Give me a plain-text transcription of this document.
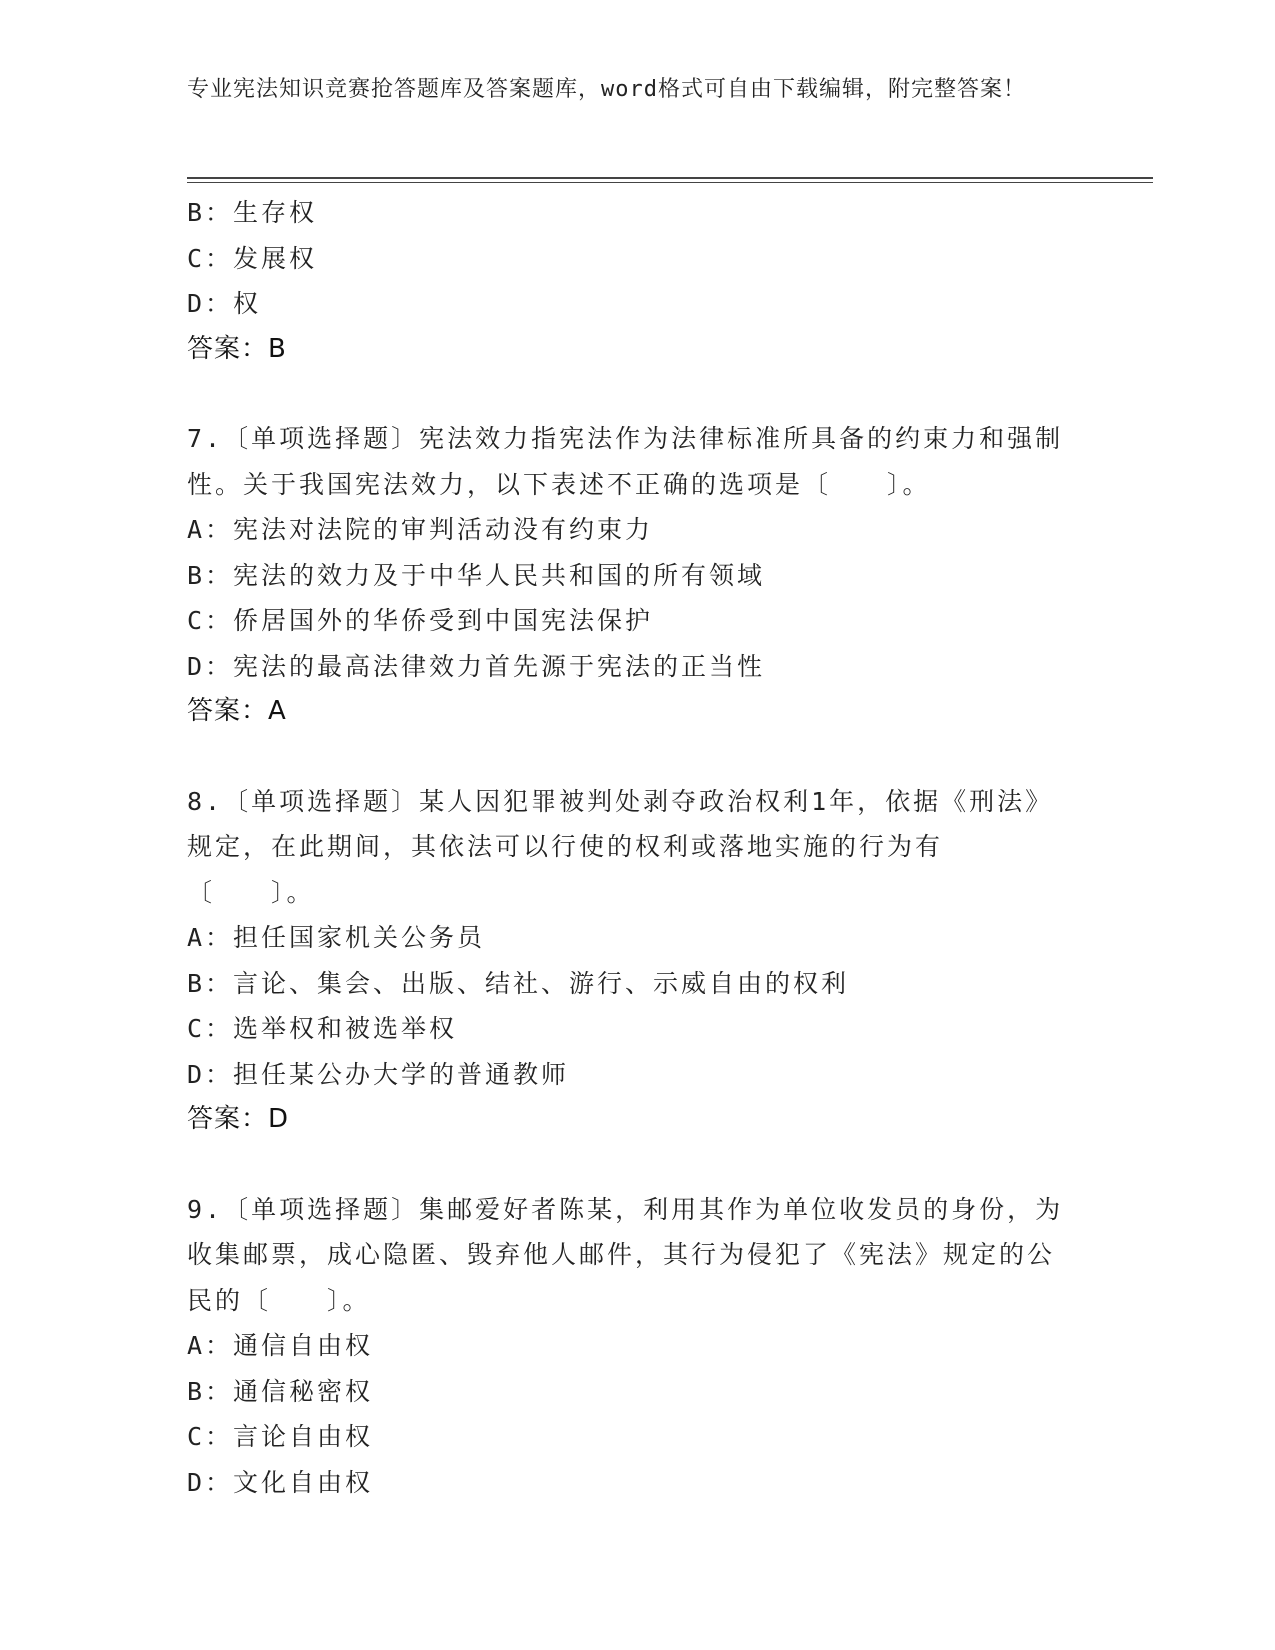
专业宪法知识竞赛抢答题库及答案题库，word格式可自由下载编辑，附完整答案！
B：生存权
C：发展权
D：权
答案：B
7.〔单项选择题〕宪法效力指宪法作为法律标准所具备的约束力和强制性。关于我国宪法效力，以下表述不正确的选项是〔　　〕。
A：宪法对法院的审判活动没有约束力
B：宪法的效力及于中华人民共和国的所有领域
C：侨居国外的华侨受到中国宪法保护
D：宪法的最高法律效力首先源于宪法的正当性
答案：A
8.〔单项选择题〕某人因犯罪被判处剥夺政治权利1年，依据《刑法》规定，在此期间，其依法可以行使的权利或落地实施的行为有〔　　〕。
A：担任国家机关公务员
B：言论、集会、出版、结社、游行、示威自由的权利
C：选举权和被选举权
D：担任某公办大学的普通教师
答案：D
9.〔单项选择题〕集邮爱好者陈某，利用其作为单位收发员的身份，为收集邮票，成心隐匿、毁弃他人邮件，其行为侵犯了《宪法》规定的公民的〔　　〕。
A：通信自由权
B：通信秘密权
C：言论自由权
D：文化自由权
